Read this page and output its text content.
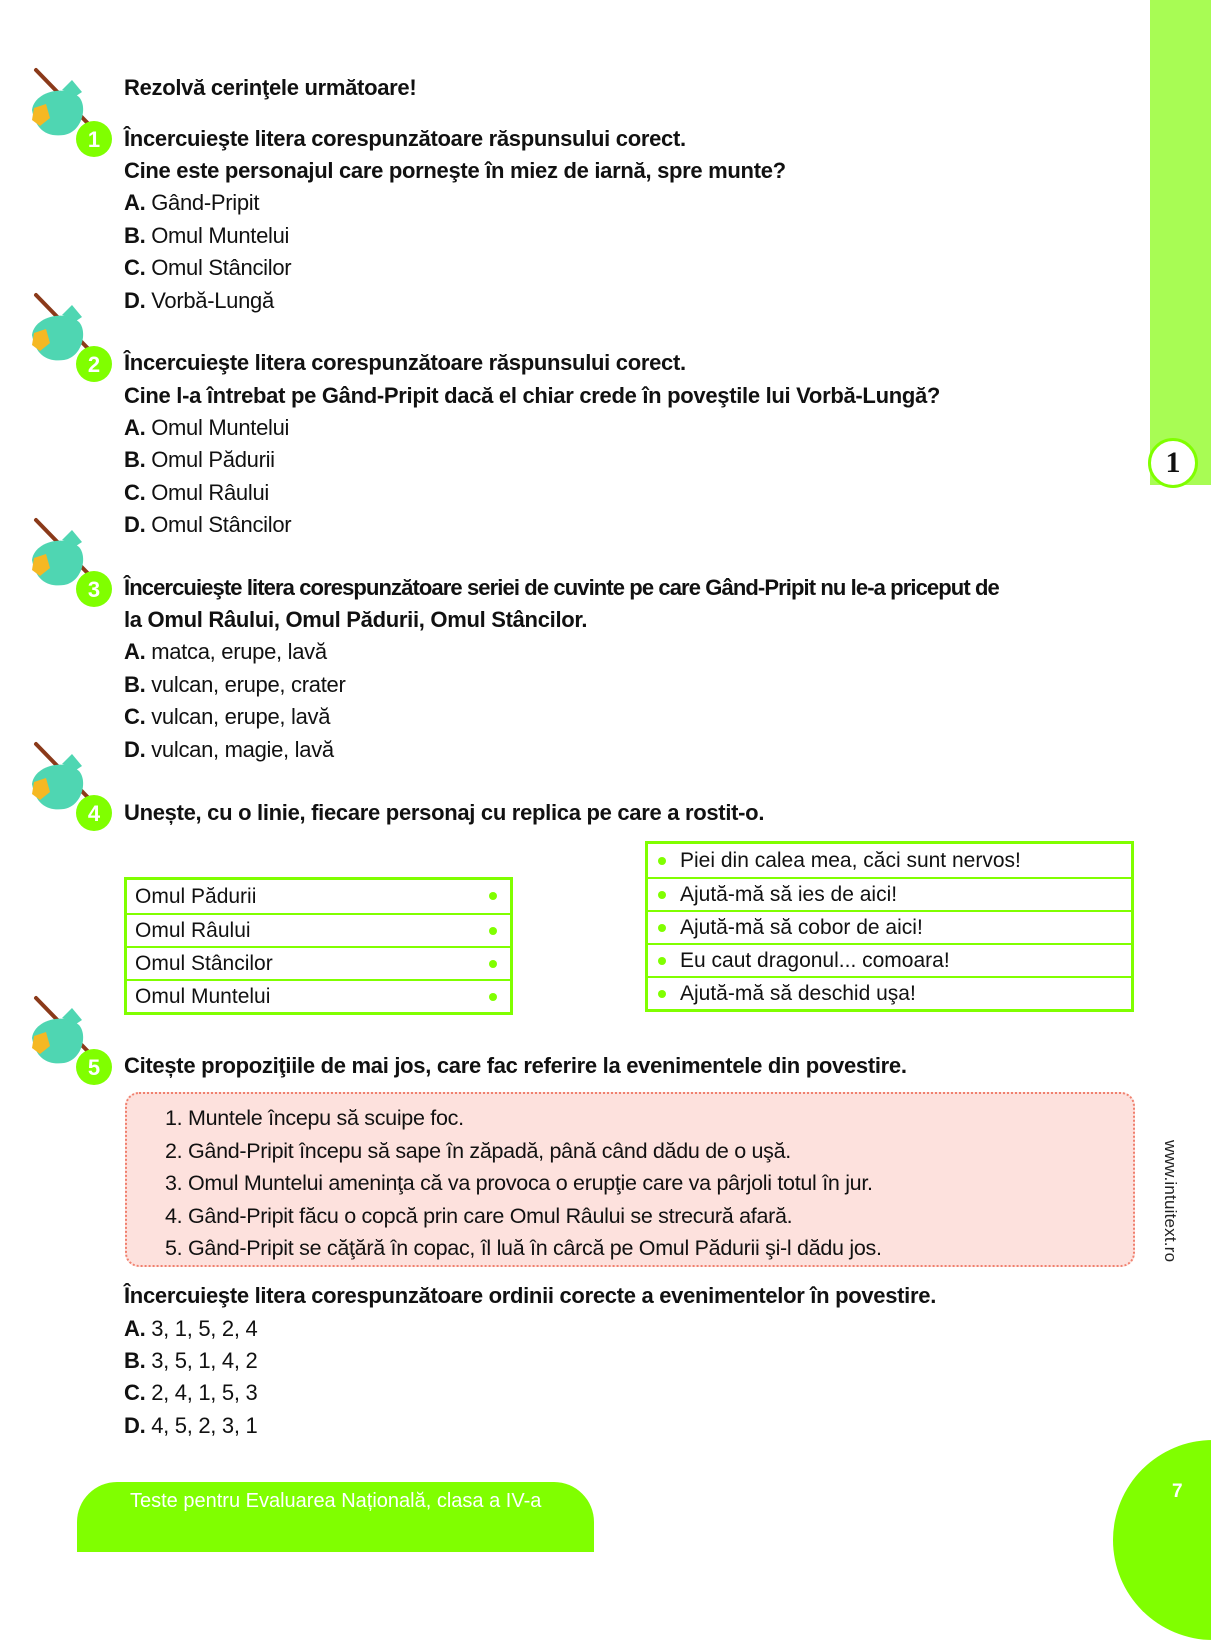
1
www.intuitext.ro
Rezolvă cerinţele următoare!
1 Încercuieşte litera corespunzătoare răspunsului corect.
Cine este personajul care porneşte în miez de iarnă, spre munte?
A. Gând-Pripit
B. Omul Muntelui
C. Omul Stâncilor
D. Vorbă-Lungă
2 Încercuieşte litera corespunzătoare răspunsului corect.
Cine l-a întrebat pe Gând-Pripit dacă el chiar crede în poveştile lui Vorbă-Lungă?
A. Omul Muntelui
B. Omul Pădurii
C. Omul Râului
D. Omul Stâncilor
3 Încercuieşte litera corespunzătoare seriei de cuvinte pe care Gând-Pripit nu le-a priceput de
la Omul Râului, Omul Pădurii, Omul Stâncilor.
A. matca, erupe, lavă
B. vulcan, erupe, crater
C. vulcan, erupe, lavă
D. vulcan, magie, lavă
4 Unește, cu o linie, fiecare personaj cu replica pe care a rostit-o.
Omul Pădurii
Omul Râului
Omul Stâncilor
Omul Muntelui
Piei din calea mea, căci sunt nervos!
Ajută-mă să ies de aici!
Ajută-mă să cobor de aici!
Eu caut dragonul... comoara!
Ajută-mă să deschid uşa!
5 Citește propoziţiile de mai jos, care fac referire la evenimentele din povestire.
1. Muntele începu să scuipe foc.
2. Gând-Pripit începu să sape în zăpadă, până când dădu de o uşă.
3. Omul Muntelui ameninţa că va provoca o erupţie care va pârjoli totul în jur.
4. Gând-Pripit făcu o copcă prin care Omul Râului se strecură afară.
5. Gând-Pripit se căţără în copac, îl luă în cârcă pe Omul Pădurii şi-l dădu jos.
Încercuieşte litera corespunzătoare ordinii corecte a evenimentelor în povestire.
A. 3, 1, 5, 2, 4
B. 3, 5, 1, 4, 2
C. 2, 4, 1, 5, 3
D. 4, 5, 2, 3, 1
Teste pentru Evaluarea Națională, clasa a IV-a	7
